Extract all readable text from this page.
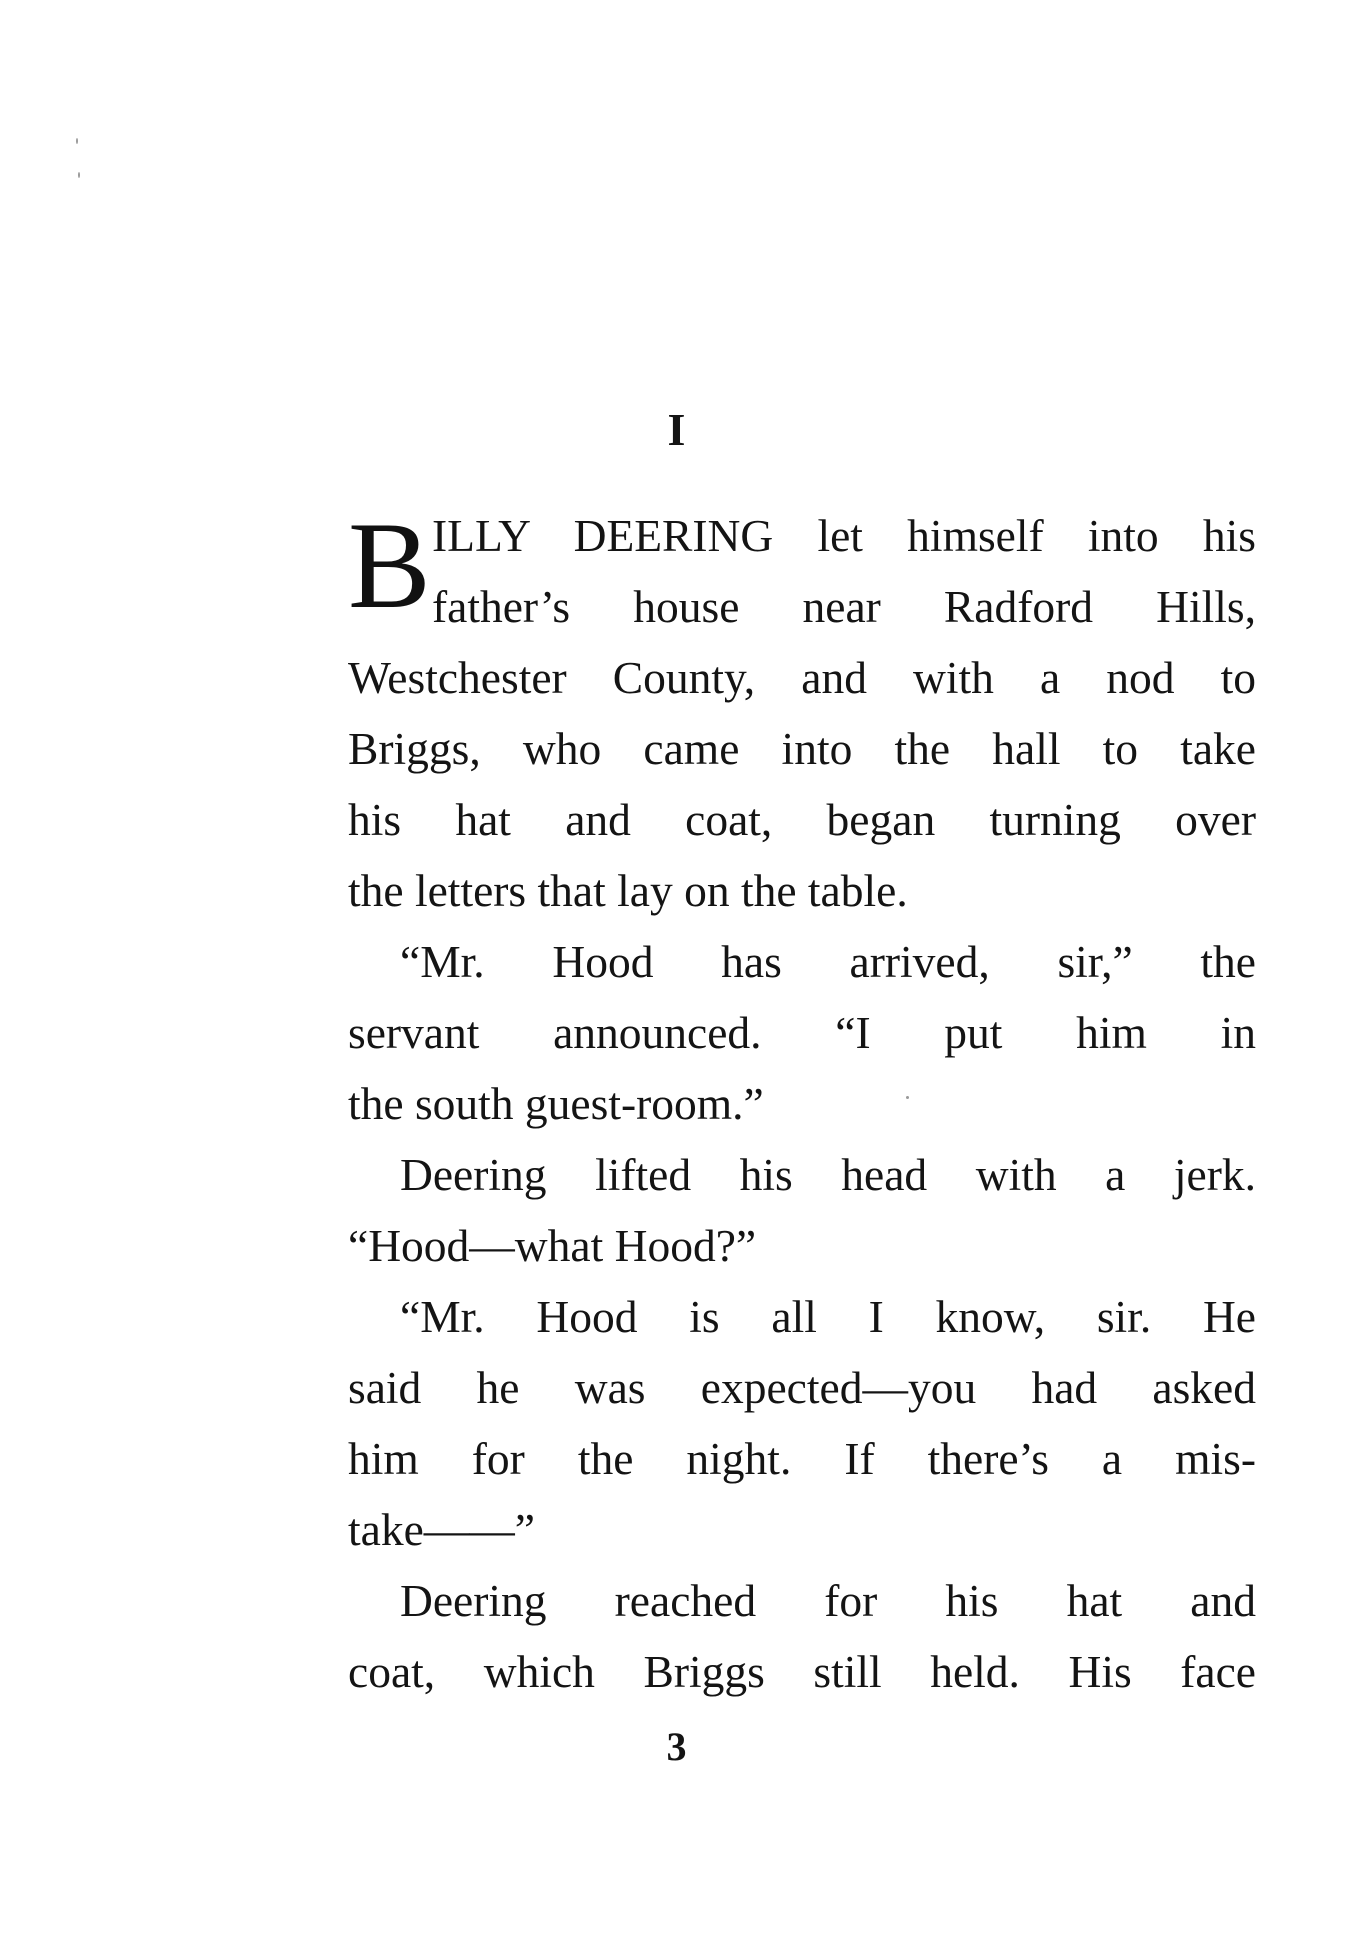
I
B ILLY DEERING let himself into his
father’s house near Radford Hills,
Westchester County, and with a nod to
Briggs, who came into the hall to take
his hat and coat, began turning over
the letters that lay on the table.
“Mr. Hood has arrived, sir,” the
servant announced. “I put him in
the south guest-room.”
Deering lifted his head with a jerk.
“Hood—what Hood?”
“Mr. Hood is all I know, sir. He
said he was expected—you had asked
him for the night. If there’s a mis-
take——”
Deering reached for his hat and
coat, which Briggs still held. His face
3
